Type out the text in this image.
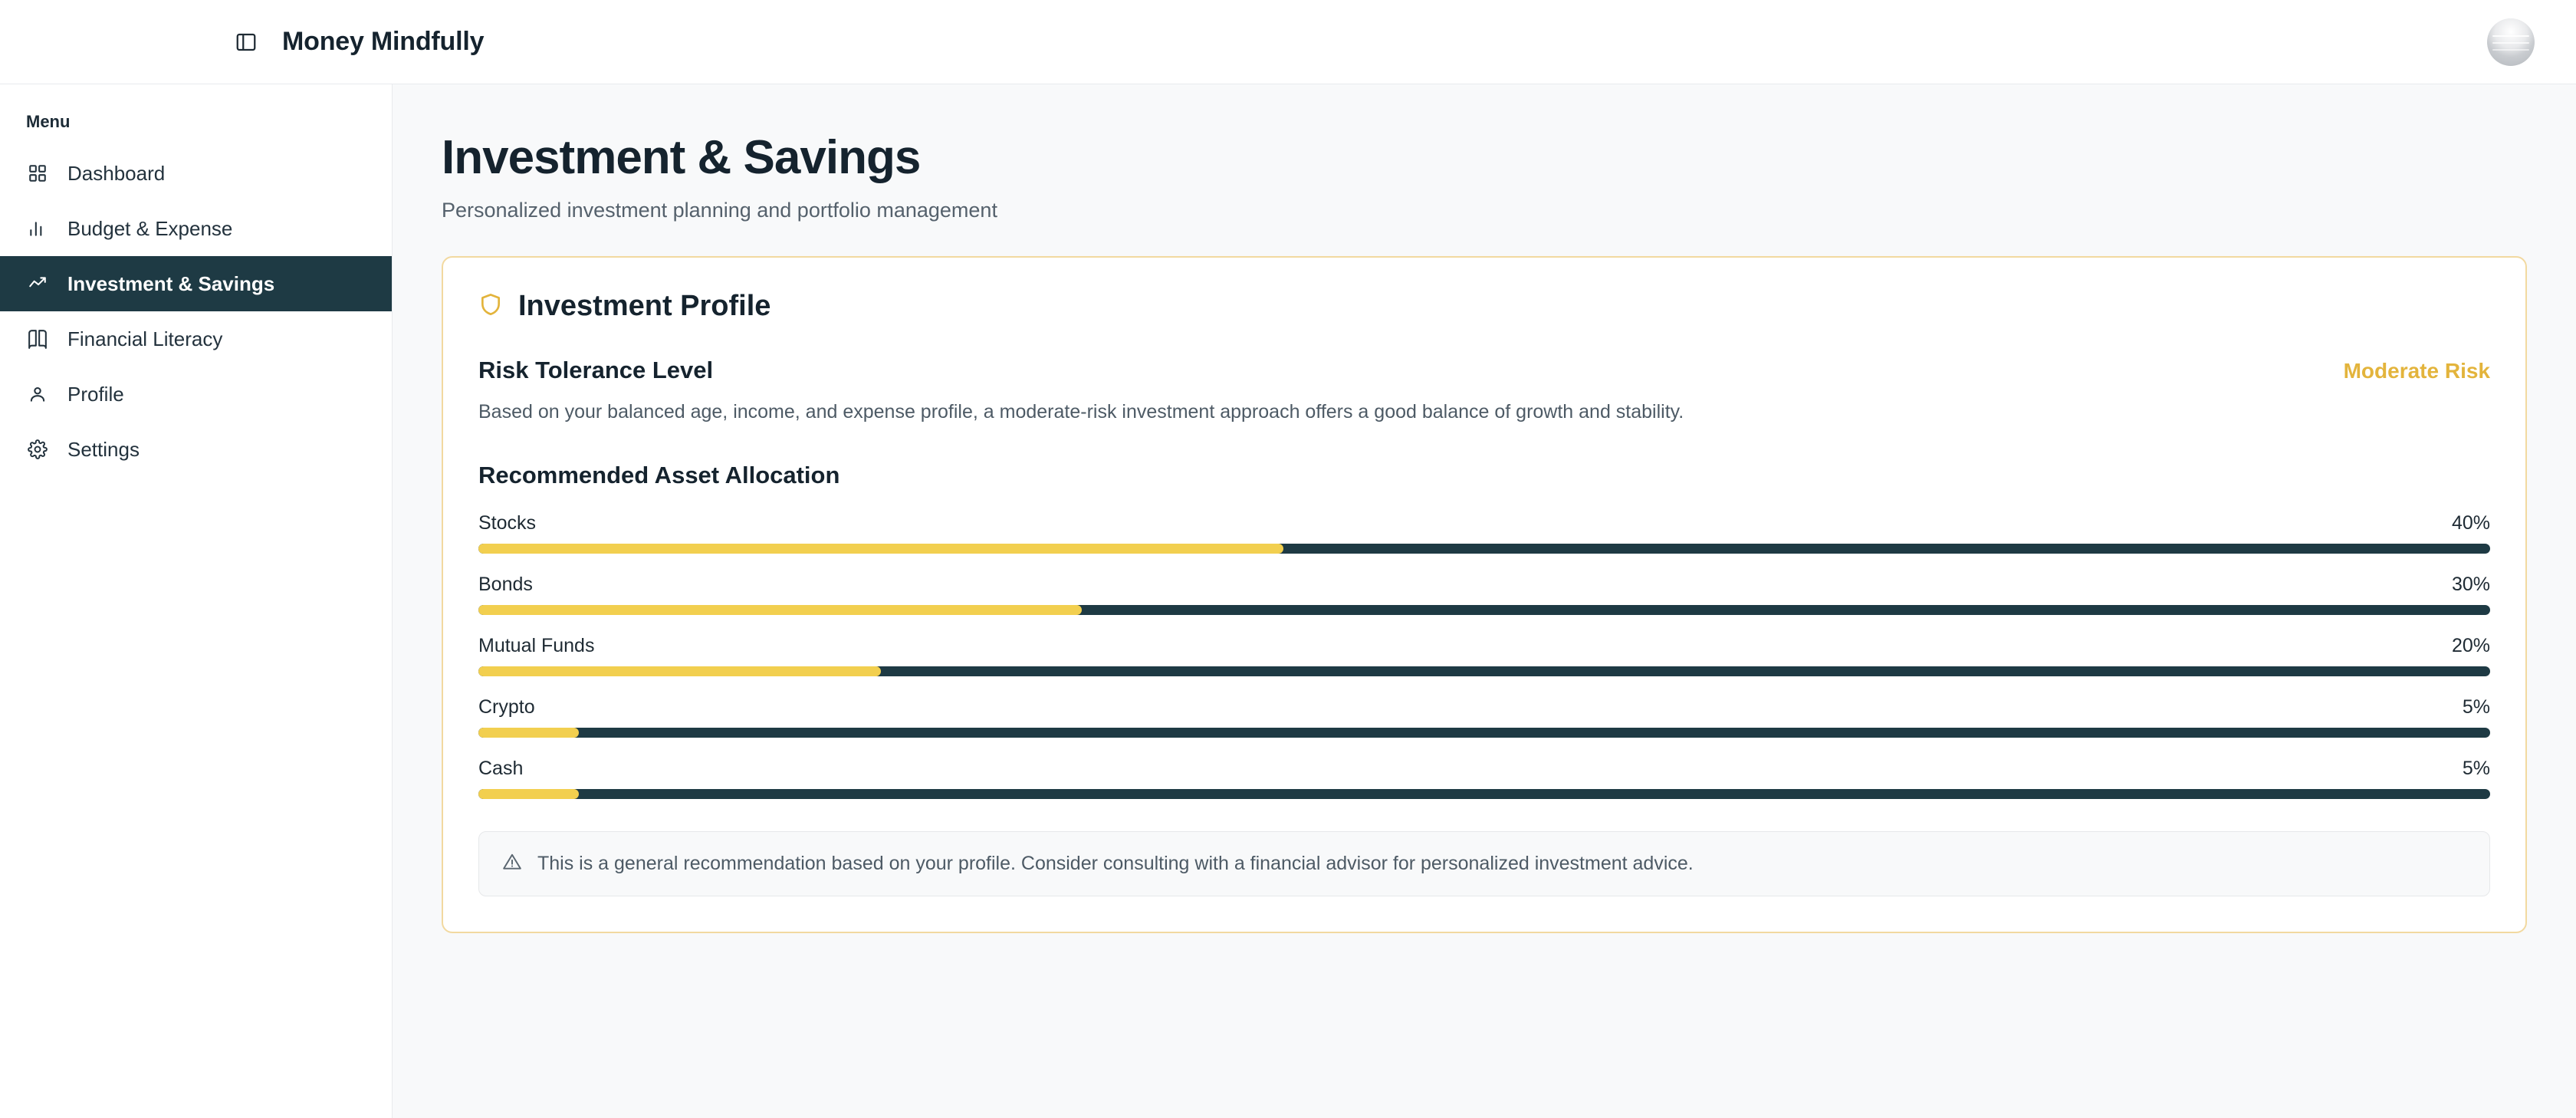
Money Mindfully
Menu
Dashboard
Budget & Expense
Investment & Savings
Financial Literacy
Profile
Settings
Investment & Savings
Personalized investment planning and portfolio management
Investment Profile
Risk Tolerance Level	Moderate Risk
Based on your balanced age, income, and expense profile, a moderate-risk investment approach offers a good balance of growth and stability.
Recommended Asset Allocation
Stocks	40%
Bonds	30%
Mutual Funds	20%
Crypto	5%
Cash	5%
This is a general recommendation based on your profile. Consider consulting with a financial advisor for personalized investment advice.
